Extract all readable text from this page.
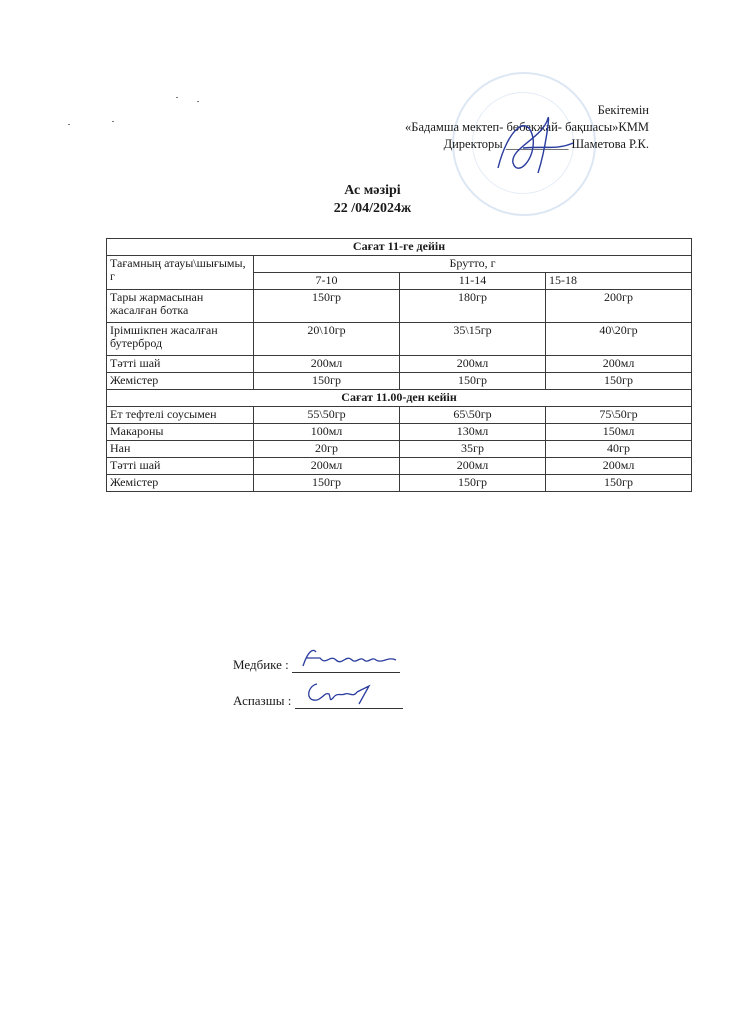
Бекітемін
«Бадамша мектеп- бөбекжай- бақшасы»КММ
Директоры __________ Шаметова Р.К.
Ас мәзірі
22 /04/2024ж
Сағат 11-ге дейін			
Тағамның атауы\шығымы, г	Брутто, г		
	7-10	11-14	15-18
Тары жармасынан жасалған ботка	150гр	180гр	200гр
Ірімшікпен жасалған бутерброд	20\10гр	35\15гр	40\20гр
Тәтті шай	200мл	200мл	200мл
Жемістер	150гр	150гр	150гр
Сағат 11.00-ден кейін			
Ет тефтелі соусымен	55\50гр	65\50гр	75\50гр
Макароны	100мл	130мл	150мл
Нан	20гр	35гр	40гр
Тәтті шай	200мл	200мл	200мл
Жемістер	150гр	150гр	150гр
Медбике :
Аспазшы :
